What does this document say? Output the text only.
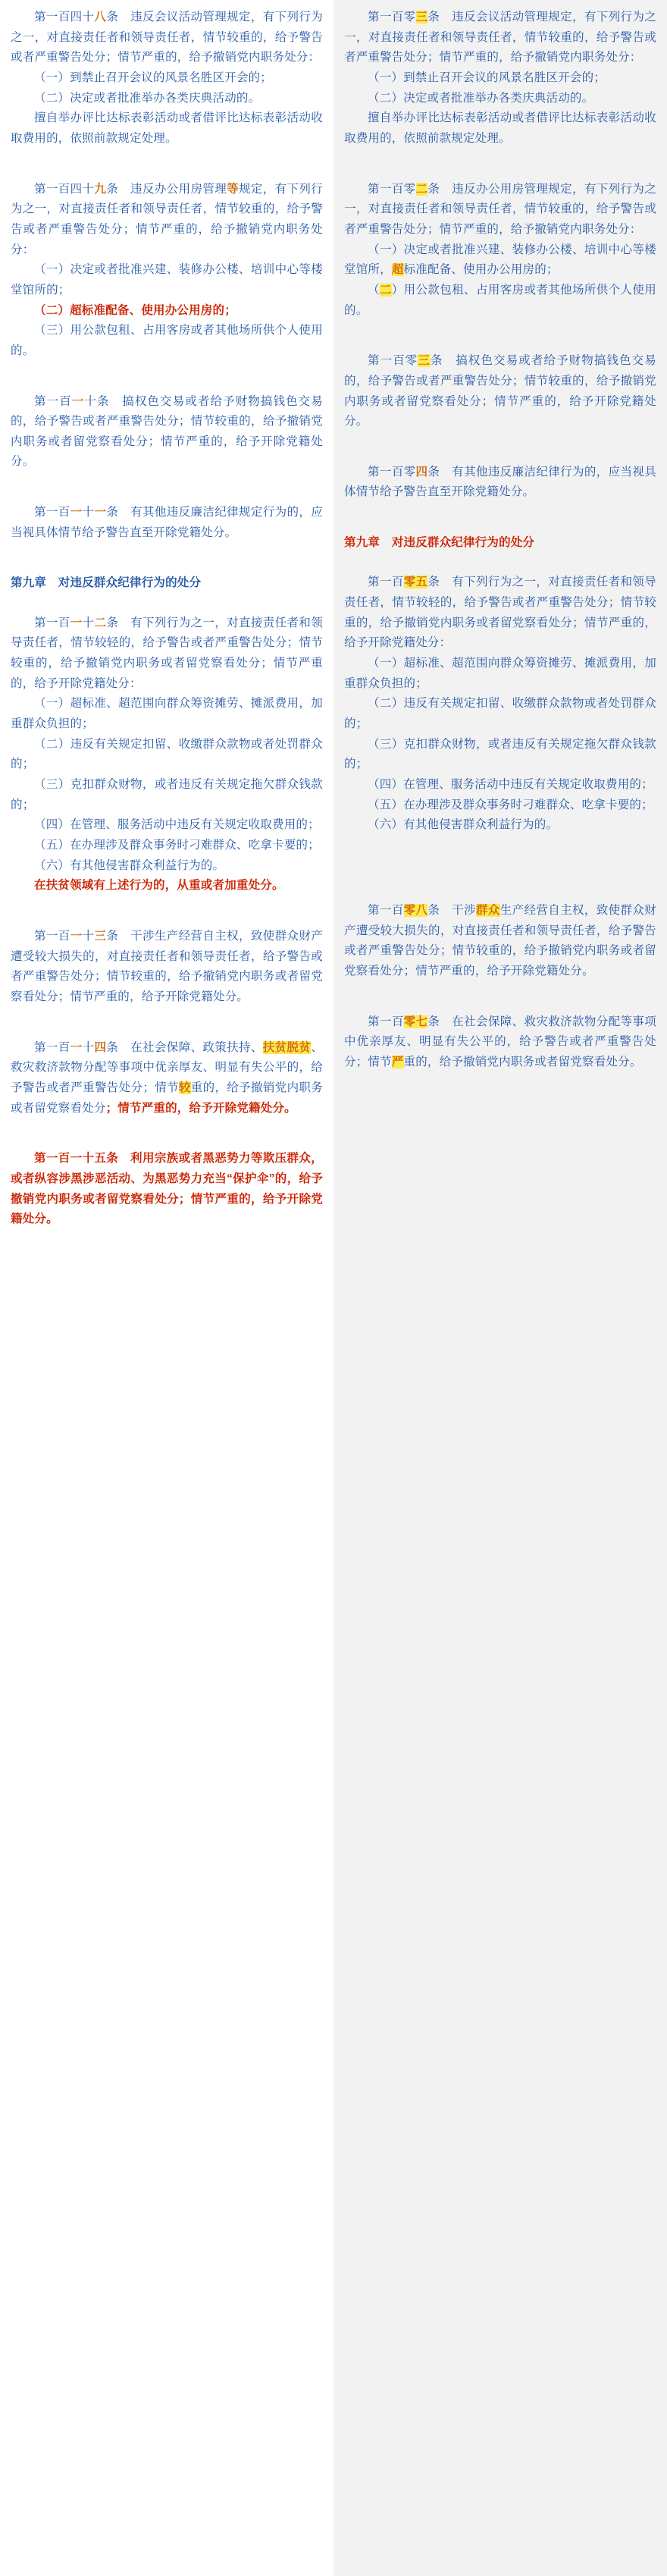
第一百四十八条　违反会议活动管理规定，有下列行为之一，对直接责任者和领导责任者，情节较重的，给予警告或者严重警告处分；情节严重的，给予撤销党内职务处分：

（一）到禁止召开会议的风景名胜区开会的；

（二）决定或者批准举办各类庆典活动的。

擅自举办评比达标表彰活动或者借评比达标表彰活动收取费用的，依照前款规定处理。

第一百四十九条　违反办公用房管理等规定，有下列行为之一，对直接责任者和领导责任者，情节较重的，给予警告或者严重警告处分；情节严重的，给予撤销党内职务处分：

（一）决定或者批准兴建、装修办公楼、培训中心等楼堂馆所的；

（二）超标准配备、使用办公用房的；

（三）用公款包租、占用客房或者其他场所供个人使用的。

第一百一十条　搞权色交易或者给予财物搞钱色交易的，给予警告或者严重警告处分；情节较重的，给予撤销党内职务或者留党察看处分；情节严重的，给予开除党籍处分。

第一百一十一条　有其他违反廉洁纪律规定行为的，应当视具体情节给予警告直至开除党籍处分。

第九章　对违反群众纪律行为的处分

第一百一十二条　有下列行为之一，对直接责任者和领导责任者，情节较轻的，给予警告或者严重警告处分；情节较重的，给予撤销党内职务或者留党察看处分；情节严重的，给予开除党籍处分：

（一）超标准、超范围向群众筹资摊劳、摊派费用，加重群众负担的；

（二）违反有关规定扣留、收缴群众款物或者处罚群众的；

（三）克扣群众财物，或者违反有关规定拖欠群众钱款的；

（四）在管理、服务活动中违反有关规定收取费用的；

（五）在办理涉及群众事务时刁难群众、吃拿卡要的；

（六）有其他侵害群众利益行为的。

在扶贫领域有上述行为的，从重或者加重处分。

第一百一十三条　干涉生产经营自主权，致使群众财产遭受较大损失的，对直接责任者和领导责任者，给予警告或者严重警告处分；情节较重的，给予撤销党内职务或者留党察看处分；情节严重的，给予开除党籍处分。

第一百一十四条　在社会保障、政策扶持、扶贫脱贫、救灾救济款物分配等事项中优亲厚友、明显有失公平的，给予警告或者严重警告处分；情节较重的，给予撤销党内职务或者留党察看处分；情节严重的，给予开除党籍处分。

第一百一十五条　利用宗族或者黑恶势力等欺压群众，或者纵容涉黑涉恶活动、为黑恶势力充当“保护伞”的，给予撤销党内职务或者留党察看处分；情节严重的，给予开除党籍处分。

第一百零三条　违反会议活动管理规定，有下列行为之一，对直接责任者和领导责任者，情节较重的，给予警告或者严重警告处分；情节严重的，给予撤销党内职务处分：

（一）到禁止召开会议的风景名胜区开会的；

（二）决定或者批准举办各类庆典活动的。

擅自举办评比达标表彰活动或者借评比达标表彰活动收取费用的，依照前款规定处理。

第一百零二条　违反办公用房管理规定，有下列行为之一，对直接责任者和领导责任者，情节较重的，给予警告或者严重警告处分；情节严重的，给予撤销党内职务处分：

（一）决定或者批准兴建、装修办公楼、培训中心等楼堂馆所，超标准配备、使用办公用房的；

（二）用公款包租、占用客房或者其他场所供个人使用的。

第一百零三条　搞权色交易或者给予财物搞钱色交易的，给予警告或者严重警告处分；情节较重的，给予撤销党内职务或者留党察看处分；情节严重的，给予开除党籍处分。

第一百零四条　有其他违反廉洁纪律行为的，应当视具体情节给予警告直至开除党籍处分。

第九章　对违反群众纪律行为的处分

第一百零五条　有下列行为之一，对直接责任者和领导责任者，情节较轻的，给予警告或者严重警告处分；情节较重的，给予撤销党内职务或者留党察看处分；情节严重的，给予开除党籍处分：

（一）超标准、超范围向群众筹资摊劳、摊派费用，加重群众负担的；

（二）违反有关规定扣留、收缴群众款物或者处罚群众的；

（三）克扣群众财物，或者违反有关规定拖欠群众钱款的；

（四）在管理、服务活动中违反有关规定收取费用的；

（五）在办理涉及群众事务时刁难群众、吃拿卡要的；

（六）有其他侵害群众利益行为的。

第一百零八条　干涉群众生产经营自主权，致使群众财产遭受较大损失的，对直接责任者和领导责任者，给予警告或者严重警告处分；情节较重的，给予撤销党内职务或者留党察看处分；情节严重的，给予开除党籍处分。

第一百零七条　在社会保障、救灾救济款物分配等事项中优亲厚友、明显有失公平的，给予警告或者严重警告处分；情节严重的，给予撤销党内职务或者留党察看处分。
